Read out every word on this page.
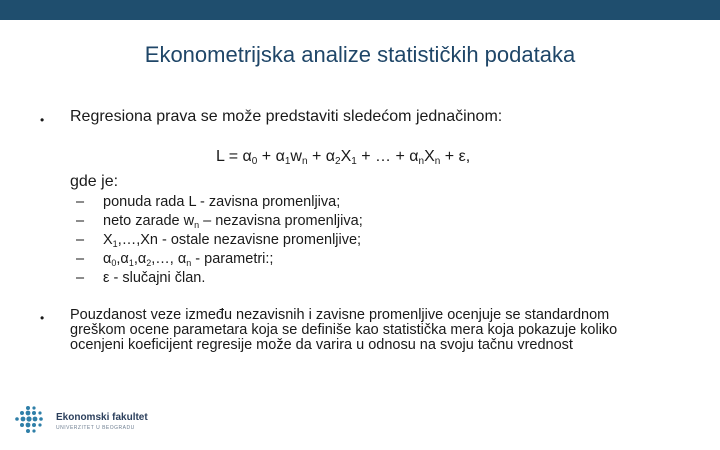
Ekonometrijska analize statističkih podataka
• Regresiona prava se može predstaviti sledećom jednačinom:
$L = \alpha_0 + \alpha_1w_n + \alpha_2X_1$ + … + $\alpha_nX_n + \varepsilon$,
gde je:
– ponuda rada L - zavisna promenljiva;
– neto zarade $w_n$ – nezavisna promenljiva;
– $X_1,\dots,Xn$ - ostale nezavisne promenljive;
– $\alpha_0,\alpha_1,\alpha_2,\dots$, $\alpha_n$ - parametri:;
– ε - slučajni član.
• Pouzdanost veze između nezavisnih i zavisne promenljive ocenjuje se standardnom
greškom ocene parametara koja se definiše kao statistička mera koja pokazuje koliko
ocenjeni koeficijent regresije može da varira u odnosu na svoju tačnu vrednost
Ekonomski fakultet
UNIVERZITET U BEOGRADU
